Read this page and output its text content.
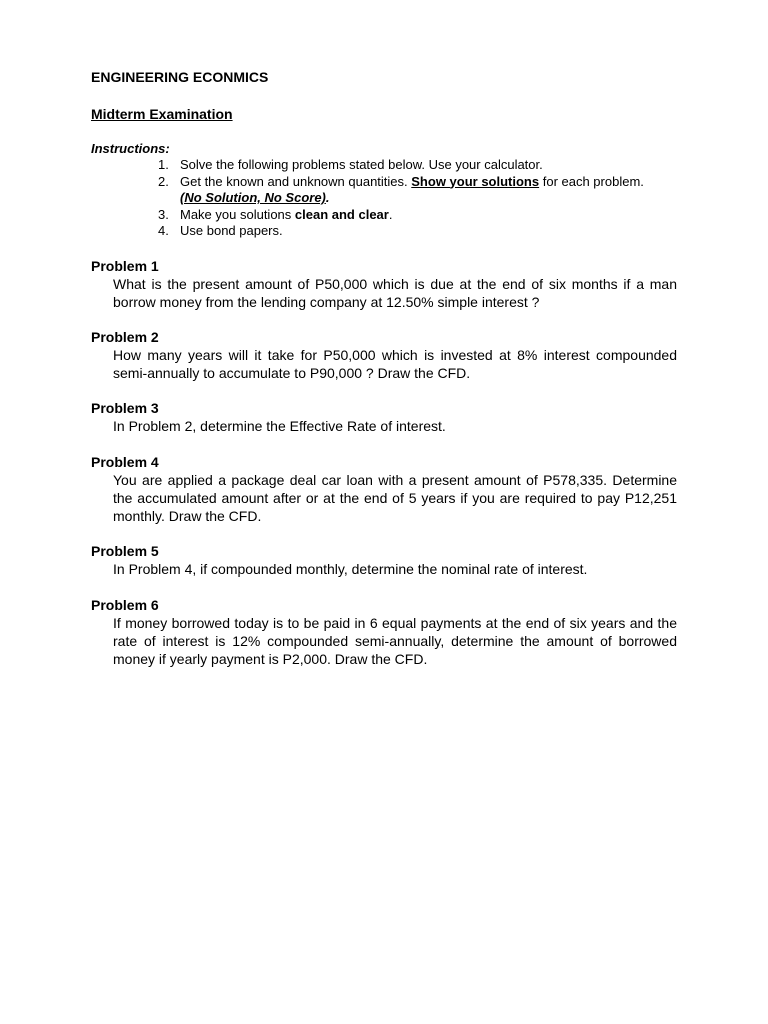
ENGINEERING ECONMICS
Midterm Examination
Instructions:
1. Solve the following problems stated below. Use your calculator.
2. Get the known and unknown quantities. Show your solutions for each problem.
(No Solution, No Score).
3. Make you solutions clean and clear.
4. Use bond papers.

Problem 1

What is the present amount of P50,000 which is due at the end of six months if a man borrow money from the lending company at 12.50% simple interest ?

Problem 2

How many years will it take for P50,000 which is invested at 8% interest compounded semi-annually to accumulate to P90,000 ? Draw the CFD.

Problem 3

In Problem 2, determine the Effective Rate of interest.

Problem 4

You are applied a package deal car loan with a present amount of P578,335. Determine the accumulated amount after or at the end of 5 years if you are required to pay P12,251 monthly. Draw the CFD.

Problem 5

In Problem 4, if compounded monthly, determine the nominal rate of interest.

Problem 6

If money borrowed today is to be paid in 6 equal payments at the end of six years and the rate of interest is 12% compounded semi-annually, determine the amount of borrowed money if yearly payment is P2,000. Draw the CFD.
